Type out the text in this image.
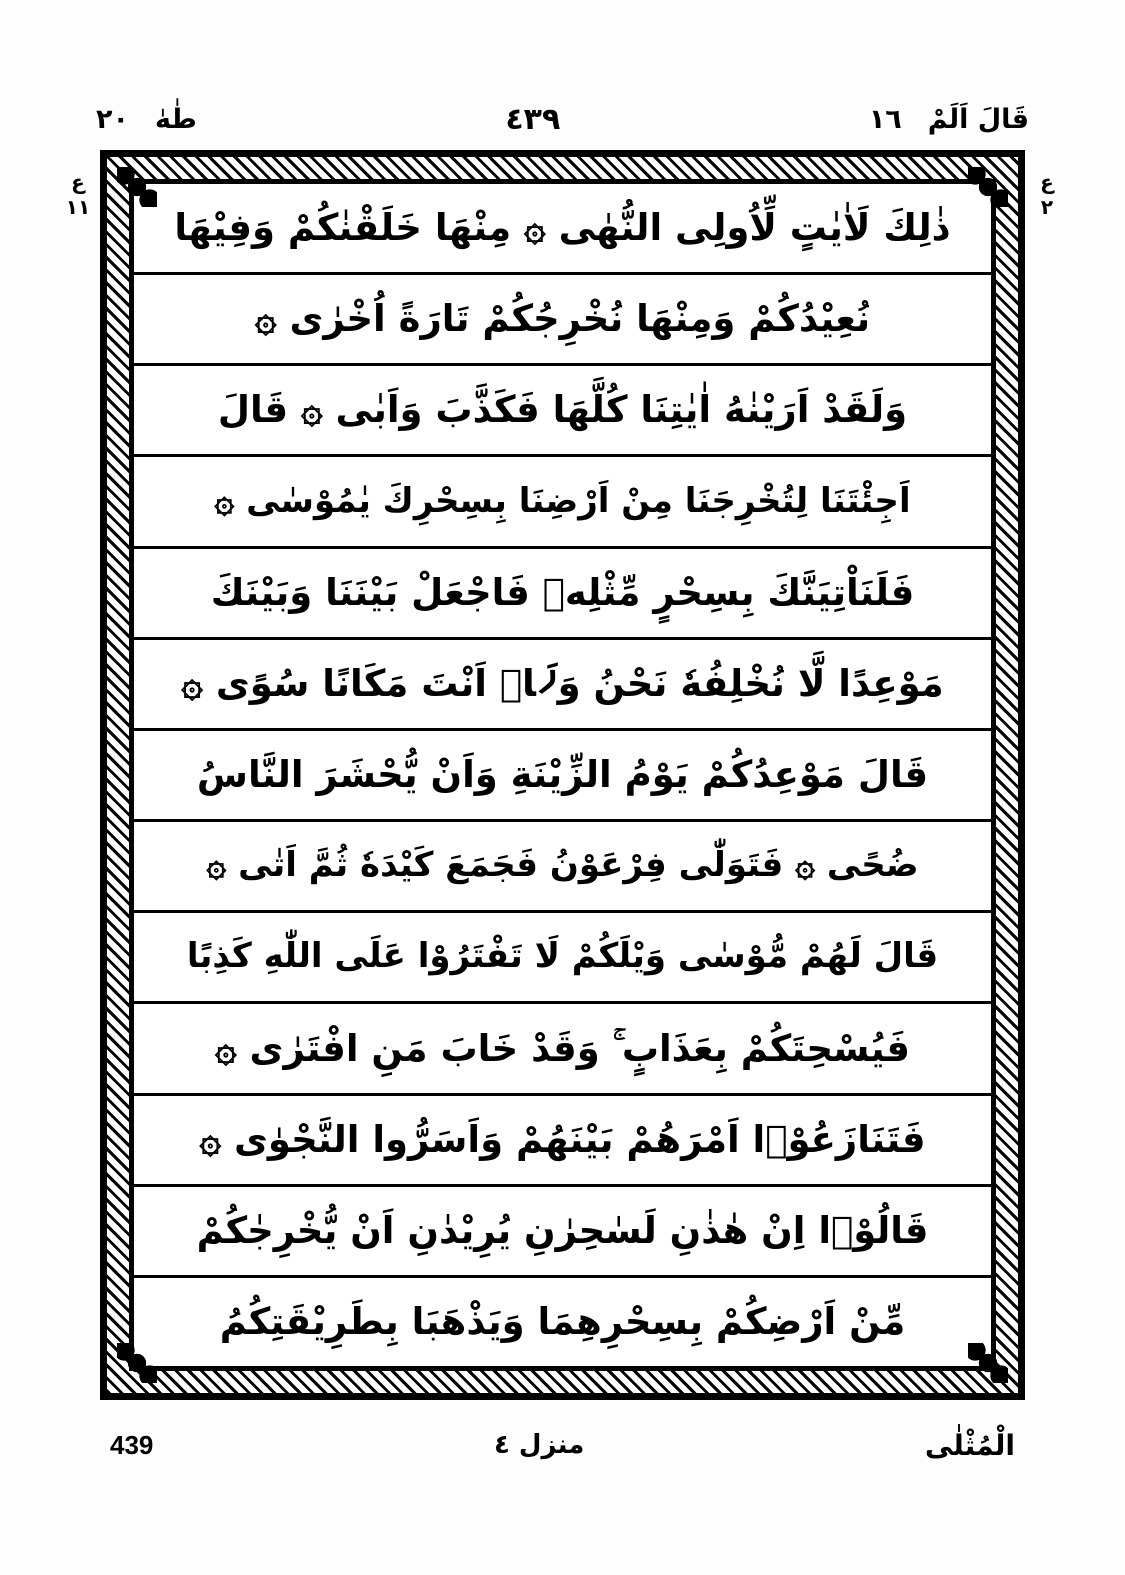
قَالَ اَلَمْ
١٦
٤٣٩
طٰهٰ
٢٠
ع
٢
ع
١١	ذٰلِكَ لَاٰيٰتٍ لِّاُولِى النُّهٰى ۞ مِنْهَا خَلَقْنٰكُمْ وَفِيْهَا
نُعِيْدُكُمْ وَمِنْهَا نُخْرِجُكُمْ تَارَةً اُخْرٰى ۞
وَلَقَدْ اَرَيْنٰهُ اٰيٰتِنَا كُلَّهَا فَكَذَّبَ وَاَبٰى ۞ قَالَ
اَجِئْتَنَا لِتُخْرِجَنَا مِنْ اَرْضِنَا بِسِحْرِكَ يٰمُوْسٰى ۞
فَلَنَاْتِيَنَّكَ بِسِحْرٍ مِّثْلِهٖ فَاجْعَلْ بَيْنَنَا وَبَيْنَكَ
مَوْعِدًا لَّا نُخْلِفُهٗ نَحْنُ وَلَاۤ اَنْتَ مَكَانًا سُوًى ۞
قَالَ مَوْعِدُكُمْ يَوْمُ الزِّيْنَةِ وَاَنْ يُّحْشَرَ النَّاسُ
ضُحًى ۞ فَتَوَلّٰى فِرْعَوْنُ فَجَمَعَ كَيْدَهٗ ثُمَّ اَتٰى ۞
قَالَ لَهُمْ مُّوْسٰى وَيْلَكُمْ لَا تَفْتَرُوْا عَلَى اللّٰهِ كَذِبًا
فَيُسْحِتَكُمْ بِعَذَابٍ ۚ وَقَدْ خَابَ مَنِ افْتَرٰى ۞
فَتَنَازَعُوْۤا اَمْرَهُمْ بَيْنَهُمْ وَاَسَرُّوا النَّجْوٰى ۞
قَالُوْۤا اِنْ هٰذٰنِ لَسٰحِرٰنِ يُرِيْدٰنِ اَنْ يُّخْرِجٰكُمْ
مِّنْ اَرْضِكُمْ بِسِحْرِهِمَا وَيَذْهَبَا بِطَرِيْقَتِكُمُ
الْمُثْلٰى
منزل ٤
439
